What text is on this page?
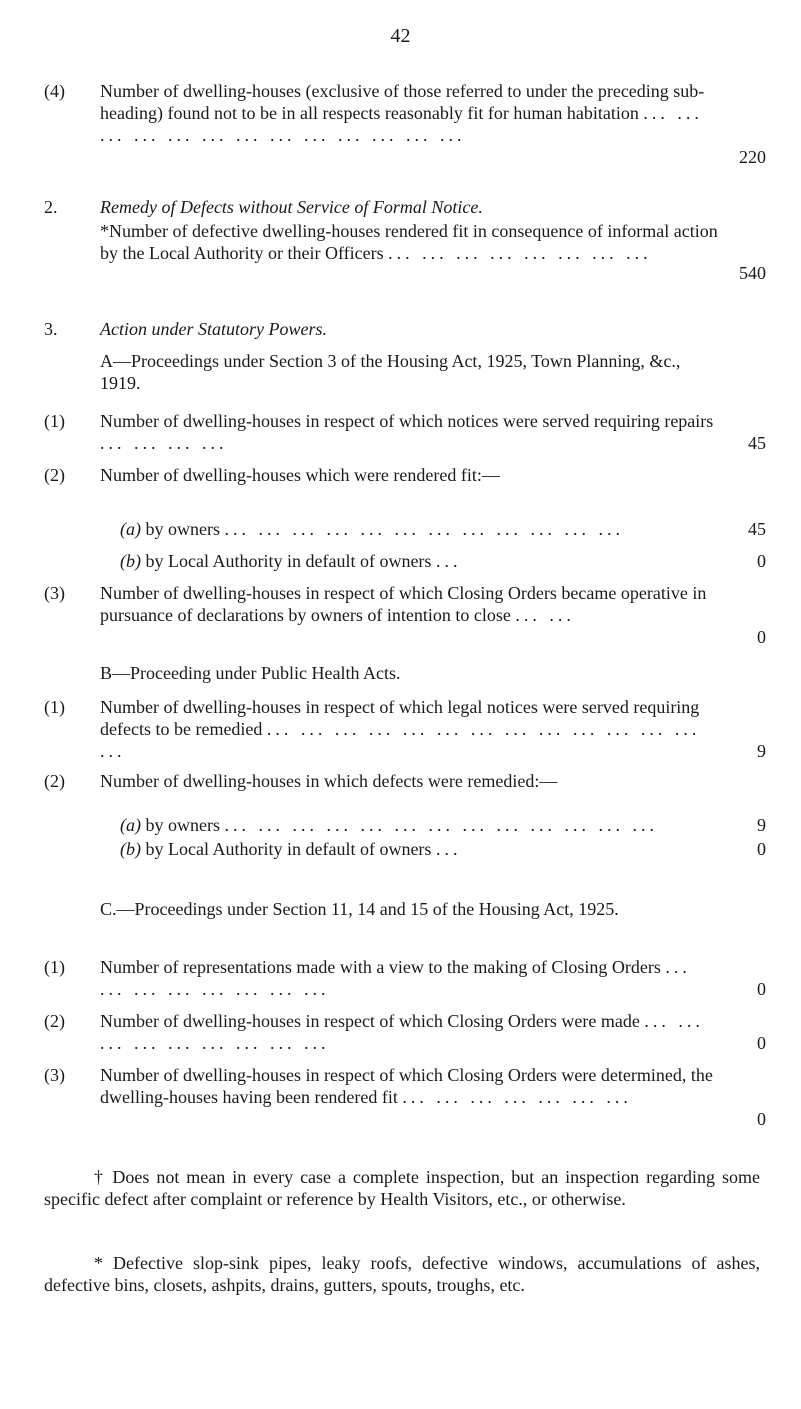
42
(4) Number of dwelling-houses (exclusive of those referred to under the preceding sub-heading) found not to be in all respects reasonably fit for human habitation ... ... ... ... ... ... ... ... ... ... ... ... ...
220
2. Remedy of Defects without Service of Formal Notice.
*Number of defective dwelling-houses rendered fit in consequence of informal action by the Local Authority or their Officers ... ... ... ... ... ... ... ...
540
3. Action under Statutory Powers.
A—Proceedings under Section 3 of the Housing Act, 1925, Town Planning, &c., 1919.
(1) Number of dwelling-houses in respect of which notices were served requiring repairs ... ... ... ...	45
(2) Number of dwelling-houses which were rendered fit:—
(a) by owners ... ... ... ... ... ... ... ... ... ... ... ...	45
(b) by Local Authority in default of owners ...	0
(3) Number of dwelling-houses in respect of which Closing Orders became operative in pursuance of declarations by owners of intention to close ... ...
0
B—Proceeding under Public Health Acts.
(1) Number of dwelling-houses in respect of which legal notices were served requiring defects to be remedied ... ... ... ... ... ... ... ... ... ... ... ... ... ...	9
(2) Number of dwelling-houses in which defects were remedied:—
(a) by owners ... ... ... ... ... ... ... ... ... ... ... ... ...	9
(b) by Local Authority in default of owners ...	0
C.—Proceedings under Section 11, 14 and 15 of the Housing Act, 1925.
(1) Number of representations made with a view to the making of Closing Orders ... ... ... ... ... ... ... ...	0
(2) Number of dwelling-houses in respect of which Closing Orders were made ... ... ... ... ... ... ... ... ...	0
(3) Number of dwelling-houses in respect of which Closing Orders were determined, the dwelling-houses having been rendered fit ... ... ... ... ... ... ...
0
† Does not mean in every case a complete inspection, but an inspection regarding some specific defect after complaint or reference by Health Visitors, etc., or otherwise.
* Defective slop-sink pipes, leaky roofs, defective windows, accumulations of ashes, defective bins, closets, ashpits, drains, gutters, spouts, troughs, etc.
